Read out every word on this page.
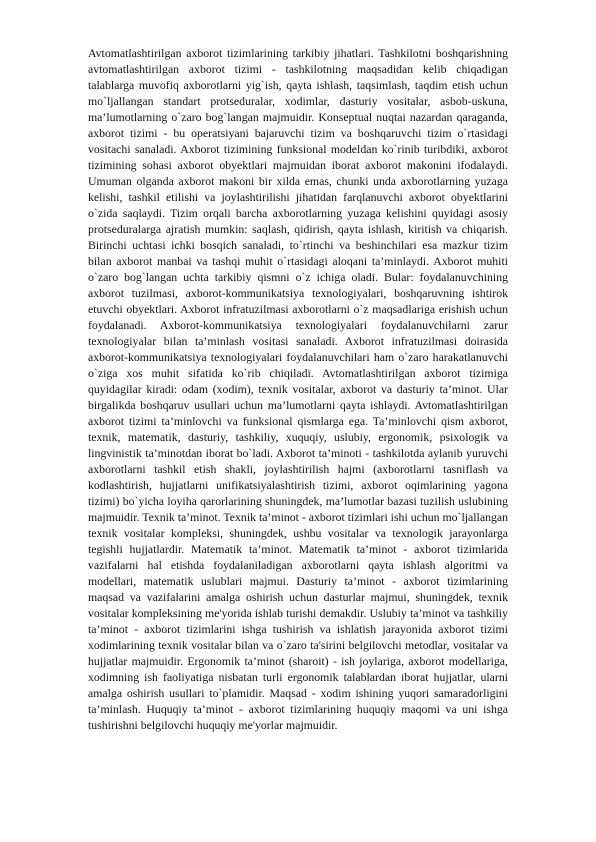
Avtomatlashtirilgan axborot tizimlarining tarkibiy jihatlari. Tashkilotni boshqarishning avtomatlashtirilgan axborot tizimi - tashkilotning maqsadidan kelib chiqadigan talablarga muvofiq axborotlarni yig`ish, qayta ishlash, taqsimlash, taqdim etish uchun mo`ljallangan standart protseduralar, xodimlar, dasturiy vositalar, asbob-uskuna, ma’lumotlarning o`zaro bog`langan majmuidir. Konseptual nuqtai nazardan qaraganda, axborot tizimi - bu operatsiyani bajaruvchi tizim va boshqaruvchi tizim o`rtasidagi vositachi sanaladi. Axborot tizimining funksional modeldan ko`rinib turibdiki, axborot tizimining sohasi axborot obyektlari majmuidan iborat axborot makonini ifodalaydi. Umuman olganda axborot makoni bir xilda emas, chunki unda axborotlarning yuzaga kelishi, tashkil etilishi va joylashtirilishi jihatidan farqlanuvchi axborot obyektlarini o`zida saqlaydi. Tizim orqali barcha axborotlarning yuzaga kelishini quyidagi asosiy protseduralarga ajratish mumkin: saqlash, qidirish, qayta ishlash, kiritish va chiqarish. Birinchi uchtasi ichki bosqich sanaladi, to`rtinchi va beshinchilari esa mazkur tizim bilan axborot manbai va tashqi muhit o`rtasidagi aloqani ta’minlaydi. Axborot muhiti o`zaro bog`langan uchta tarkibiy qismni o`z ichiga oladi. Bular: foydalanuvchining axborot tuzilmasi, axborot-kommunikatsiya texnologiyalari, boshqaruvning ishtirok etuvchi obyektlari. Axborot infratuzilmasi axborotlarni o`z maqsadlariga erishish uchun foydalanadi. Axborot-kommunikatsiya texnologiyalari foydalanuvchilarni zarur texnologiyalar bilan ta’minlash vositasi sanaladi. Axborot infratuzilmasi doirasida axborot-kommunikatsiya texnologiyalari foydalanuvchilari ham o`zaro harakatlanuvchi o`ziga xos muhit sifatida ko`rib chiqiladi. Avtomatlashtirilgan axborot tizimiga quyidagilar kiradi: odam (xodim), texnik vositalar, axborot va dasturiy ta’minot. Ular birgalikda boshqaruv usullari uchun ma’lumotlarni qayta ishlaydi. Avtomatlashtirilgan axborot tizimi ta’minlovchi va funksional qismlarga ega. Ta’minlovchi qism axborot, texnik, matematik, dasturiy, tashkiliy, xuquqiy, uslubiy, ergonomik, psixologik va lingvinistik ta’minotdan iborat bo`ladi. Axborot ta’minoti - tashkilotda aylanib yuruvchi axborotlarni tashkil etish shakli, joylashtirilish hajmi (axborotlarni tasniflash va kodlashtirish, hujjatlarni unifikatsiyalashtirish tizimi, axborot oqimlarining yagona tizimi) bo`yicha loyiha qarorlarining shuningdek, ma’lumotlar bazasi tuzilish uslubining majmuidir. Texnik ta’minot. Texnik ta’minot - axborot tizimlari ishi uchun mo`ljallangan texnik vositalar kompleksi, shuningdek, ushbu vositalar va texnologik jarayonlarga tegishli hujjatlardir. Matematik ta’minot. Matematik ta’minot - axborot tizimlarida vazifalarni hal etishda foydalaniladigan axborotlarni qayta ishlash algoritmi va modellari, matematik uslublari majmui. Dasturiy ta’minot - axborot tizimlarining maqsad va vazifalarini amalga oshirish uchun dasturlar majmui, shuningdek, texnik vositalar kompleksining me'yorida ishlab turishi demakdir. Uslubiy ta’minot va tashkiliy ta’minot - axborot tizimlarini ishga tushirish va ishlatish jarayonida axborot tizimi xodimlarining texnik vositalar bilan va o`zaro ta'sirini belgilovchi metodlar, vositalar va hujjatlar majmuidir. Ergonomik ta’minot (sharoit) - ish joylariga, axborot modellariga, xodimning ish faoliyatiga nisbatan turli ergonomik talablardan iborat hujjatlar, ularni amalga oshirish usullari to`plamidir. Maqsad - xodim ishining yuqori samaradorligini ta’minlash. Huquqiy ta’minot - axborot tizimlarining huquqiy maqomi va uni ishga tushirishni belgilovchi huquqiy me'yorlar majmuidir.
